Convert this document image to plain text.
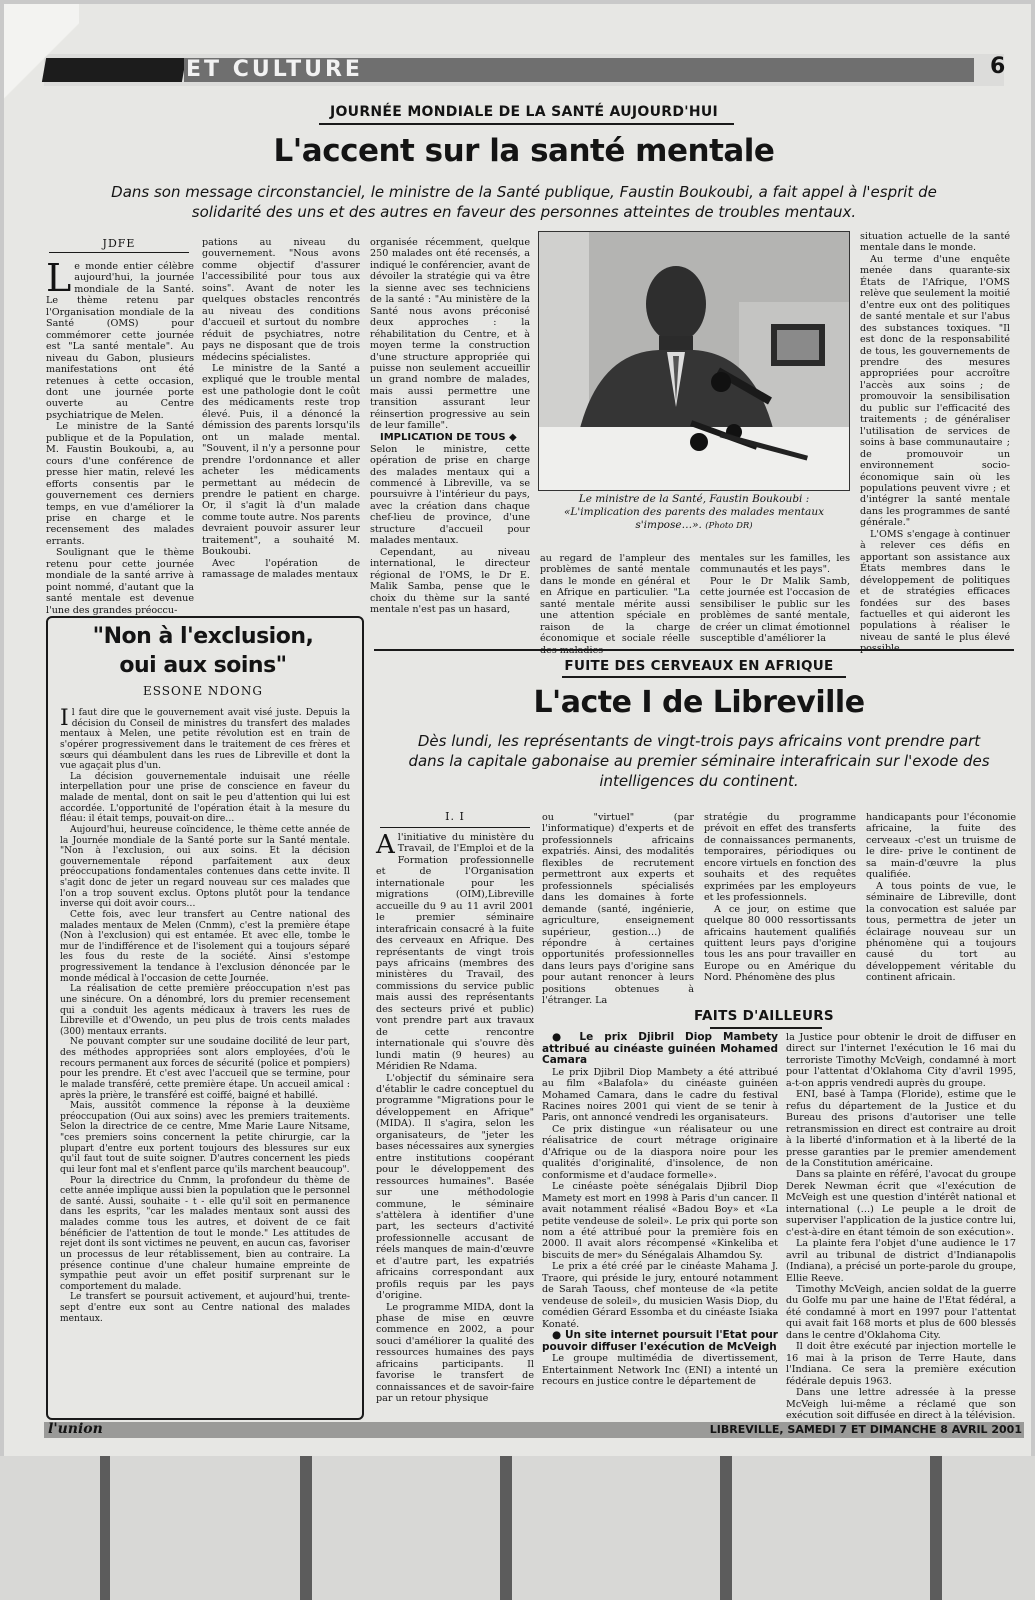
ET CULTURE	6
JOURNÉE MONDIALE DE LA SANTÉ AUJOURD'HUI
L'accent sur la santé mentale
Dans son message circonstanciel, le ministre de la Santé publique, Faustin Boukoubi, a fait appel à l'esprit de solidarité des uns et des autres en faveur des personnes atteintes de troubles mentaux.
JDFE
L e monde entier célèbre aujourd'hui, la journée mondiale de la Santé. Le thème retenu par l'Organisation mondiale de la Santé (OMS) pour commémorer cette journée est "La santé mentale". Au niveau du Gabon, plusieurs manifestations ont été retenues à cette occasion, dont une journée porte ouverte au Centre psychiatrique de Melen.

Le ministre de la Santé publique et de la Population, M. Faustin Boukoubi, a, au cours d'une conférence de presse hier matin, relevé les efforts consentis par le gouvernement ces derniers temps, en vue d'améliorer la prise en charge et le recensement des malades errants.

Soulignant que le thème retenu pour cette journée mondiale de la santé arrive à point nommé, d'autant que la santé mentale est devenue l'une des grandes préoccu-

pations au niveau du gouvernement. "Nous avons comme objectif d'assurer l'accessibilité pour tous aux soins". Avant de noter les quelques obstacles rencontrés au niveau des conditions d'accueil et surtout du nombre réduit de psychiatres, notre pays ne disposant que de trois médecins spécialistes.

Le ministre de la Santé a expliqué que le trouble mental est une pathologie dont le coût des médicaments reste trop élevé. Puis, il a dénoncé la démission des parents lorsqu'ils ont un malade mental. "Souvent, il n'y a personne pour prendre l'ordonnance et aller acheter les médicaments permettant au médecin de prendre le patient en charge. Or, il s'agit là d'un malade comme toute autre. Nos parents devraient pouvoir assurer leur traitement", a souhaité M. Boukoubi.

Avec l'opération de ramassage de malades mentaux

organisée récemment, quelque 250 malades ont été recensés, a indiqué le conférencier, avant de dévoiler la stratégie qui va être la sienne avec ses techniciens de la santé : "Au ministère de la Santé nous avons préconisé deux approches : la réhabilitation du Centre, et à moyen terme la construction d'une structure appropriée qui puisse non seulement accueillir un grand nombre de malades, mais aussi permettre une transition assurant leur réinsertion progressive au sein de leur famille".

IMPLICATION DE TOUS ◆

Selon le ministre, cette opération de prise en charge des malades mentaux qui a commencé à Libreville, va se poursuivre à l'intérieur du pays, avec la création dans chaque chef-lieu de province, d'une structure d'accueil pour malades mentaux.

Cependant, au niveau international, le directeur régional de l'OMS, le Dr E. Malik Samba, pense que le choix du thème sur la santé mentale n'est pas un hasard,

Le ministre de la Santé, Faustin Boukoubi : «L'implication des parents des malades mentaux s'impose…». (Photo DR)

au regard de l'ampleur des problèmes de santé mentale dans le monde en général et en Afrique en particulier. "La santé mentale mérite aussi une attention spéciale en raison de la charge économique et sociale réelle

mentales sur les familles, les communautés et les pays".

Pour le Dr Malik Samb, cette journée est l'occasion de sensibiliser le public sur les problèmes de santé mentale, de créer un climat émotionnel susceptible d'améliorer la

situation actuelle de la santé mentale dans le monde.

Au terme d'une enquête menée dans quarante-six États de l'Afrique, l'OMS relève que seulement la moitié d'entre eux ont des politiques de santé mentale et sur l'abus des substances toxiques. "Il est donc de la responsabilité de tous, les gouvernements de prendre des mesures appropriées pour accroître l'accès aux soins ; de promouvoir la sensibilisation du public sur l'efficacité des traitements ; de généraliser l'utilisation de services de soins à base communautaire ; de promouvoir un environnement socio-économique sain où les populations peuvent vivre ; et d'intégrer la santé mentale dans les programmes de santé générale."

L'OMS s'engage à continuer à relever ces défis en apportant son assistance aux États membres dans le développement de politiques et de stratégies efficaces fondées sur des bases factuelles et qui aideront les populations à réaliser le niveau de santé le plus élevé

"Non à l'exclusion,
oui aux soins"
ESSONE NDONG
I l faut dire que le gouvernement avait visé juste. Depuis la décision du Conseil de ministres du transfert des malades mentaux à Melen, une petite révolution est en train de s'opérer progressivement dans le traitement de ces frères et sœurs qui déambulent dans les rues de Libreville et dont la vue agaçait plus d'un.

La décision gouvernementale induisait une réelle interpellation pour une prise de conscience en faveur du malade de mental, dont on sait le peu d'attention qui lui est accordée. L'opportunité de l'opération était à la mesure du fléau: il était temps, pouvait-on dire…

Aujourd'hui, heureuse coïncidence, le thème cette année de la Journée mondiale de la Santé porte sur la Santé mentale. "Non à l'exclusion, oui aux soins. Et la décision gouvernementale répond parfaitement aux deux préoccupations fondamentales contenues dans cette invite. Il s'agit donc de jeter un regard nouveau sur ces malades que l'on a trop souvent exclus. Optons plutôt pour la tendance inverse qui doit avoir cours…

Cette fois, avec leur transfert au Centre national des malades mentaux de Melen (Cnmm), c'est la première étape (Non à l'exclusion) qui est entamée. Et avec elle, tombe le mur de l'indifférence et de l'isolement qui a toujours séparé les fous du reste de la société. Ainsi s'estompe progressivement la tendance à l'exclusion dénoncée par le monde médical à l'occasion de cette Journée.

La réalisation de cette première préoccupation n'est pas une sinécure. On a dénombré, lors du premier recensement qui a conduit les agents médicaux à travers les rues de Libreville et d'Owendo, un peu plus de trois cents malades (300) mentaux errants.

Ne pouvant compter sur une soudaine docilité de leur part, des méthodes appropriées sont alors employées, d'où le recours permanent aux forces de sécurité (police et pompiers) pour les prendre. Et c'est avec l'accueil que se termine, pour le malade transféré, cette première étape. Un accueil amical : après la prière, le transféré est coiffé, baigné et habillé.

Mais, aussitôt commence la réponse à la deuxième préoccupation (Oui aux soins) avec les premiers traitements. Selon la directrice de ce centre, Mme Marie Laure Nitsame, "ces premiers soins concernent la petite chirurgie, car la plupart d'entre eux portent toujours des blessures sur eux qu'il faut tout de suite soigner. D'autres concernent les pieds qui leur font mal et s'enflent parce qu'ils marchent beaucoup".

Pour la directrice du Cnmm, la profondeur du thème de cette année implique aussi bien la population que le personnel de santé. Aussi, souhaite - t - elle qu'il soit en permanence dans les esprits, "car les malades mentaux sont aussi des malades comme tous les autres, et doivent de ce fait bénéficier de l'attention de tout le monde." Les attitudes de rejet dont ils sont victimes ne peuvent, en aucun cas, favoriser un processus de leur rétablissement, bien au contraire. La présence continue d'une chaleur humaine empreinte de sympathie peut avoir un effet positif surprenant sur le comportement du malade.

Le transfert se poursuit activement, et aujourd'hui, trente-sept d'entre eux sont au Centre national des malades mentaux.

FUITE DES CERVEAUX EN AFRIQUE
L'acte I de Libreville
Dès lundi, les représentants de vingt-trois pays africains vont prendre part dans la capitale gabonaise au premier séminaire interafricain sur l'exode des intelligences du continent.
I. I
A l'initiative du ministère du Travail, de l'Emploi et de la Formation professionnelle et de l'Organisation internationale pour les migrations (OIM),Libreville accueille du 9 au 11 avril 2001 le premier séminaire interafricain consacré à la fuite des cerveaux en Afrique. Des représentants de vingt trois pays africains (membres des ministères du Travail, des commissions du service public mais aussi des représentants des secteurs privé et public) vont prendre part aux travaux de cette rencontre internationale qui s'ouvre dès lundi matin (9 heures) au Méridien Re Ndama.

L'objectif du séminaire sera d'établir le cadre conceptuel du programme "Migrations pour le développement en Afrique" (MIDA). Il s'agira, selon les organisateurs, de "jeter les bases nécessaires aux synergies entre institutions coopérant pour le développement des ressources humaines". Basée sur une méthodologie commune, le séminaire s'attèlera à identifier d'une part, les secteurs d'activité professionnelle accusant de réels manques de main-d'œuvre et d'autre part, les expatriés africains correspondant aux profils requis par les pays d'origine.

Le programme MIDA, dont la phase de mise en œuvre commence en 2002, a pour souci d'améliorer la qualité des ressources humaines des pays africains participants. Il favorise le transfert de connaissances et de savoir-faire par un retour physique

ou "virtuel" (par l'informatique) d'experts et de professionnels africains expatriés. Ainsi, des modalités flexibles de recrutement permettront aux experts et professionnels spécialisés dans les domaines à forte demande (santé, ingénierie, agriculture, enseignement supérieur, gestion…) de répondre à certaines opportunités professionnelles dans leurs pays d'origine sans pour autant renoncer à leurs positions obtenues à l'étranger. La

stratégie du programme prévoit en effet des transferts de connaissances permanents, temporaires, périodiques ou encore virtuels en fonction des souhaits et des requêtes exprimées par les employeurs et les professionnels.

A ce jour, on estime que quelque 80 000 ressortissants africains hautement qualifiés quittent leurs pays d'origine tous les ans pour travailler en Europe ou en Amérique du Nord. Phénomène des plus

handicapants pour l'économie africaine, la fuite des cerveaux -c'est un truisme de le dire- prive le continent de sa main-d'œuvre la plus qualifiée.

A tous points de vue, le séminaire de Libreville, dont la convocation est saluée par tous, permettra de jeter un éclairage nouveau sur un phénomène qui a toujours causé du tort au développement véritable du continent africain.

FAITS D'AILLEURS

● Le prix Djibril Diop Mambety attribué au cinéaste guinéen Mohamed Camara

Le prix Djibril Diop Mambety a été attribué au film «Balafola» du cinéaste guinéen Mohamed Camara, dans le cadre du festival Racines noires 2001 qui vient de se tenir à Paris, ont annoncé vendredi les organisateurs.

Ce prix distingue «un réalisateur ou une réalisatrice de court métrage originaire d'Afrique ou de la diaspora noire pour les qualités d'originalité, d'insolence, de non conformisme et d'audace formelle».

Le cinéaste poète sénégalais Djibril Diop Mamety est mort en 1998 à Paris d'un cancer. Il avait notamment réalisé «Badou Boy» et «La petite vendeuse de soleil». Le prix qui porte son nom a été attribué pour la première fois en 2000. Il avait alors récompensé «Kinkeliba et biscuits de mer» du Sénégalais Alhamdou Sy.

Le prix a été créé par le cinéaste Mahama J. Traore, qui préside le jury, entouré notamment de Sarah Taouss, chef monteuse de «la petite vendeuse de soleil», du musicien Wasis Diop, du comédien Gérard Essomba et du cinéaste Isiaka Konaté.

● Un site internet poursuit l'Etat pour pouvoir diffuser l'exécution de McVeigh

Le groupe multimédia de divertissement, Entertainment Network Inc (ENI) a intenté un recours en justice contre le département de

la Justice pour obtenir le droit de diffuser en direct sur l'internet l'exécution le 16 mai du terroriste Timothy McVeigh, condamné à mort pour l'attentat d'Oklahoma City d'avril 1995, a-t-on appris vendredi auprès du groupe.

ENI, basé à Tampa (Floride), estime que le refus du département de la Justice et du Bureau des prisons d'autoriser une telle retransmission en direct est contraire au droit à la liberté d'information et à la liberté de la presse garanties par le premier amendement de la Constitution américaine.

Dans sa plainte en référé, l'avocat du groupe Derek Newman écrit que «l'exécution de McVeigh est une question d'intérêt national et international (…) Le peuple a le droit de superviser l'application de la justice contre lui, c'est-à-dire en étant témoin de son exécution».

La plainte fera l'objet d'une audience le 17 avril au tribunal de district d'Indianapolis (Indiana), a précisé un porte-parole du groupe, Ellie Reeve.

Timothy McVeigh, ancien soldat de la guerre du Golfe mu par une haine de l'Etat fédéral, a été condamné à mort en 1997 pour l'attentat qui avait fait 168 morts et plus de 600 blessés dans le centre d'Oklahoma City.

Il doit être exécuté par injection mortelle le 16 mai à la prison de Terre Haute, dans l'Indiana. Ce sera la première exécution fédérale depuis 1963.

Dans une lettre adressée à la presse McVeigh lui-même a réclamé que son exécution soit diffusée en direct à la télévision.

l'union	LIBREVILLE, SAMEDI 7 ET DIMANCHE 8 AVRIL 2001
